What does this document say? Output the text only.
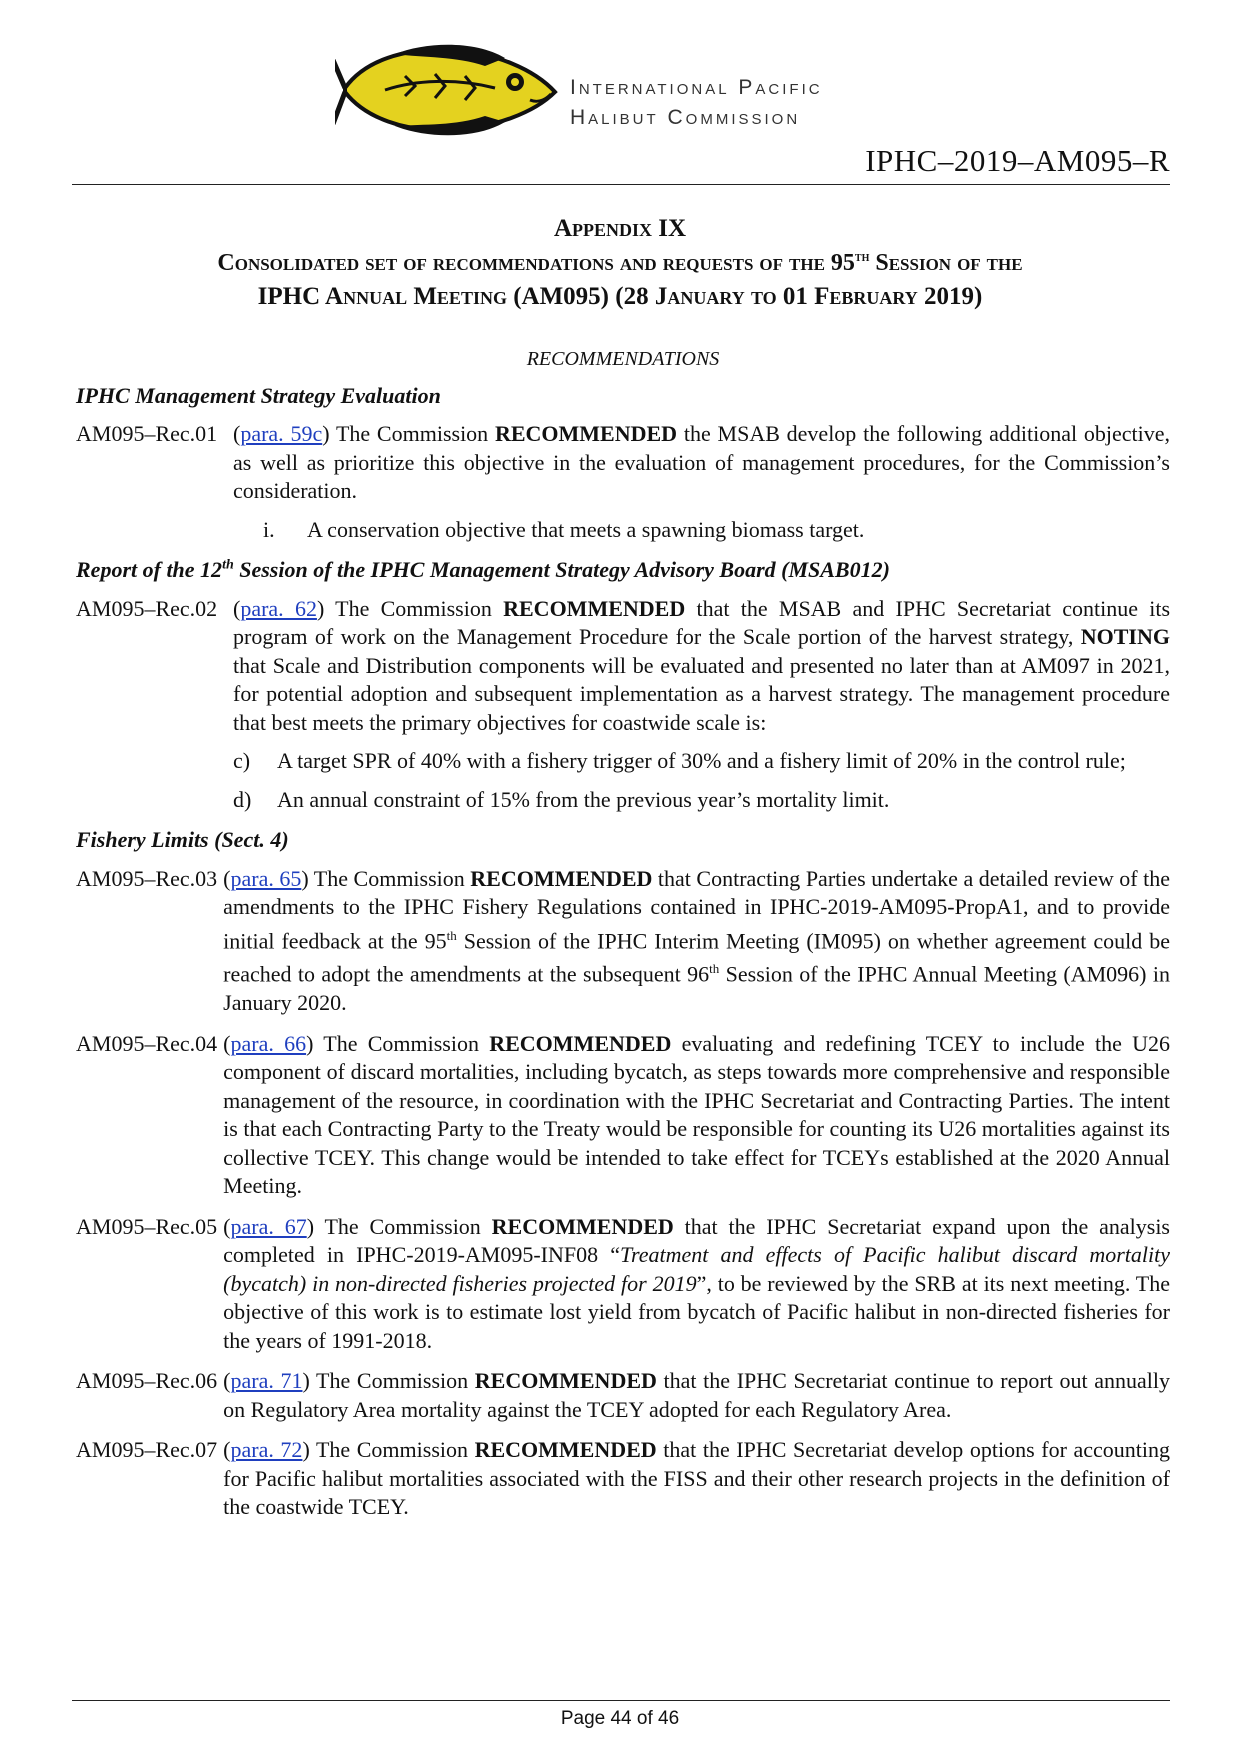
International Pacific
Halibut Commission
IPHC–2019–AM095–R
Appendix IX
Consolidated set of recommendations and requests of the 95th Session of the
IPHC Annual Meeting (AM095) (28 January to 01 February 2019)
RECOMMENDATIONS
IPHC Management Strategy Evaluation
AM095–Rec.01 (para. 59c) The Commission RECOMMENDED the MSAB develop the following additional objective, as well as prioritize this objective in the evaluation of management procedures, for the Commission’s consideration.
i.	A conservation objective that meets a spawning biomass target.
Report of the 12th Session of the IPHC Management Strategy Advisory Board (MSAB012)
AM095–Rec.02 (para. 62) The Commission RECOMMENDED that the MSAB and IPHC Secretariat continue its program of work on the Management Procedure for the Scale portion of the harvest strategy, NOTING that Scale and Distribution components will be evaluated and presented no later than at AM097 in 2021, for potential adoption and subsequent implementation as a harvest strategy. The management procedure that best meets the primary objectives for coastwide scale is:
c)	A target SPR of 40% with a fishery trigger of 30% and a fishery limit of 20% in the control rule;
d)	An annual constraint of 15% from the previous year’s mortality limit.
Fishery Limits (Sect. 4)
AM095–Rec.03 (para. 65) The Commission RECOMMENDED that Contracting Parties undertake a detailed review of the amendments to the IPHC Fishery Regulations contained in IPHC-2019-AM095-PropA1, and to provide initial feedback at the 95th Session of the IPHC Interim Meeting (IM095) on whether agreement could be reached to adopt the amendments at the subsequent 96th Session of the IPHC Annual Meeting (AM096) in January 2020.
AM095–Rec.04 (para. 66) The Commission RECOMMENDED evaluating and redefining TCEY to include the U26 component of discard mortalities, including bycatch, as steps towards more comprehensive and responsible management of the resource, in coordination with the IPHC Secretariat and Contracting Parties. The intent is that each Contracting Party to the Treaty would be responsible for counting its U26 mortalities against its collective TCEY. This change would be intended to take effect for TCEYs established at the 2020 Annual Meeting.
AM095–Rec.05 (para. 67) The Commission RECOMMENDED that the IPHC Secretariat expand upon the analysis completed in IPHC-2019-AM095-INF08 “Treatment and effects of Pacific halibut discard mortality (bycatch) in non-directed fisheries projected for 2019”, to be reviewed by the SRB at its next meeting. The objective of this work is to estimate lost yield from bycatch of Pacific halibut in non-directed fisheries for the years of 1991-2018.
AM095–Rec.06 (para. 71) The Commission RECOMMENDED that the IPHC Secretariat continue to report out annually on Regulatory Area mortality against the TCEY adopted for each Regulatory Area.
AM095–Rec.07 (para. 72) The Commission RECOMMENDED that the IPHC Secretariat develop options for accounting for Pacific halibut mortalities associated with the FISS and their other research projects in the definition of the coastwide TCEY.
Page 44 of 46
